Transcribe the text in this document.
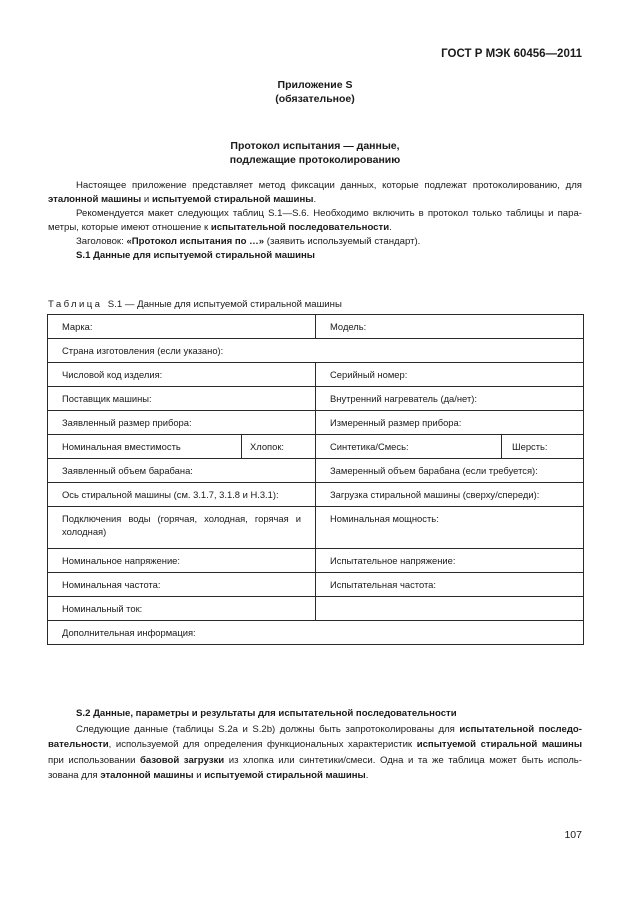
ГОСТ Р МЭК 60456—2011
Приложение S
(обязательное)
Протокол испытания — данные,
подлежащие протоколированию

Настоящее приложение представляет метод фиксации данных, которые подлежат протоколированию, для эталонной машины и испытуемой стиральной машины.

Рекомендуется макет следующих таблиц S.1—S.6. Необходимо включить в протокол только таблицы и пара-метры, которые имеют отношение к испытательной последовательности.

Заголовок: «Протокол испытания по …» (заявить используемый стандарт).

S.1 Данные для испытуемой стиральной машины

Таблица S.1 — Данные для испытуемой стиральной машины
Марка:		Модель:	
Страна изготовления (если указано):			
Числовой код изделия:		Серийный номер:	
Поставщик машины:		Внутренний нагреватель (да/нет):	
Заявленный размер прибора:		Измеренный размер прибора:	
Номинальная вместимость	Хлопок:	Синтетика/Смесь:	Шерсть:
Заявленный объем барабана:		Замеренный объем барабана (если требуется):	
Ось стиральной машины (см. 3.1.7, 3.1.8 и Н.3.1):		Загрузка стиральной машины (сверху/спереди):	
Подключения воды (горячая, холодная, горячая и холодная)		Номинальная мощность:	
Номинальное напряжение:		Испытательное напряжение:	
Номинальная частота:		Испытательная частота:	
Номинальный ток:			
Дополнительная информация:			

S.2 Данные, параметры и результаты для испытательной последовательности

Следующие данные (таблицы S.2a и S.2b) должны быть запротоколированы для испытательной последо-вательности, используемой для определения функциональных характеристик испытуемой стиральной машины при использовании базовой загрузки из хлопка или синтетики/смеси. Одна и та же таблица может быть исполь-зована для эталонной машины и испытуемой стиральной машины.

107
